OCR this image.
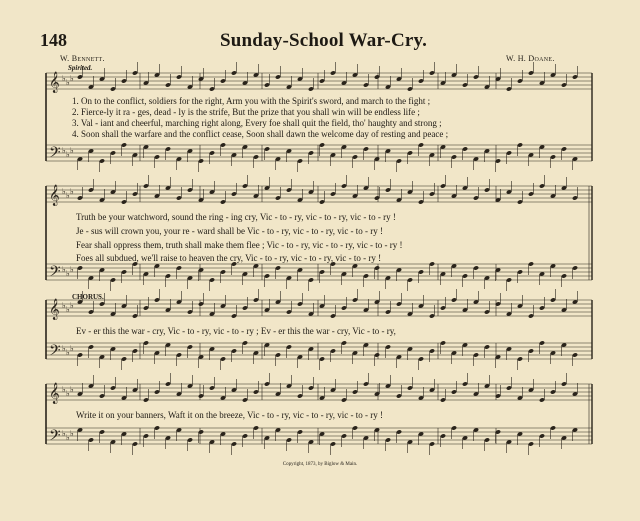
𝄞 ♭ ♭ ♭
𝄢 ♭ ♭ ♭
𝄞 ♭ ♭ ♭
𝄢 ♭ ♭ ♭
𝄞 ♭ ♭ ♭
𝄢 ♭ ♭ ♭
𝄞 ♭ ♭ ♭
𝄢 ♭ ♭ ♭
148	Sunday-School War-Cry.
W. Bennett.	W. H. Doane.
Spirited.
1. On to the conflict, soldiers for the right, Arm you with the Spirit's sword, and march to the fight ;
2. Fierce-ly it ra - ges, dead - ly is the strife, But the prize that you shall win will be endless life ;
3. Val - iant and cheerful, marching right along, Every foe shall quit the field, tho' haughty and strong ;
4. Soon shall the warfare and the conflict cease, Soon shall dawn the welcome day of resting and peace ;
Truth be your watchword, sound the ring - ing cry, Vic - to - ry, vic - to - ry, vic - to - ry !
Je - sus will crown you, your re - ward shall be Vic - to - ry, vic - to - ry, vic - to - ry !
Fear shall oppress them, truth shall make them flee ; Vic - to - ry, vic - to - ry, vic - to - ry !
Foes all subdued, we'll raise to heaven the cry, Vic - to - ry, vic - to - ry, vic - to - ry !
CHORUS.
Ev - er this the war - cry, Vic - to - ry, vic - to - ry ; Ev - er this the war - cry, Vic - to - ry,
Write it on your banners, Waft it on the breeze, Vic - to - ry, vic - to - ry, vic - to - ry !
Copyright, 1873, by Biglow & Main.
